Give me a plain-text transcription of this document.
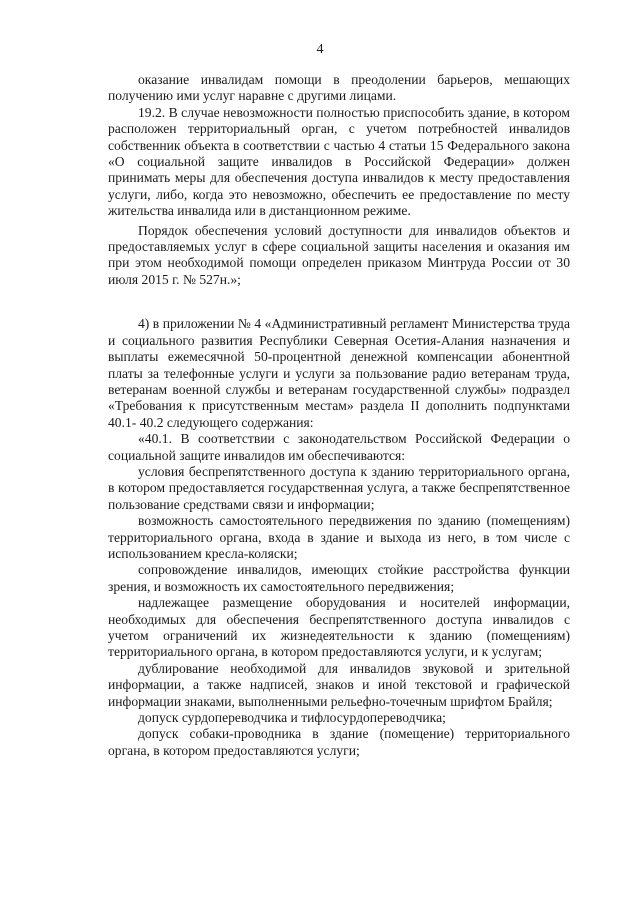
4

оказание инвалидам помощи в преодолении барьеров, мешающих получению ими услуг наравне с другими лицами.

19.2. В случае невозможности полностью приспособить здание, в котором расположен территориальный орган, с учетом потребностей инвалидов собственник объекта в соответствии с частью 4 статьи 15 Федерального закона «О социальной защите инвалидов в Российской Федерации» должен принимать меры для обеспечения доступа инвалидов к месту предоставления услуги, либо, когда это невозможно, обеспечить ее предоставление по месту жительства инвалида или в дистанционном режиме.

Порядок обеспечения условий доступности для инвалидов объектов и предоставляемых услуг в сфере социальной защиты населения и оказания им при этом необходимой помощи определен приказом Минтруда России от 30 июля 2015 г. № 527н.»;

4) в приложении № 4 «Административный регламент Министерства труда и социального развития Республики Северная Осетия-Алания назначения и выплаты ежемесячной 50-процентной денежной компенсации абонентной платы за телефонные услуги и услуги за пользование радио ветеранам труда, ветеранам военной службы и ветеранам государственной службы» подраздел «Требования к присутственным местам» раздела II дополнить подпунктами 40.1- 40.2 следующего содержания:

«40.1. В соответствии с законодательством Российской Федерации о социальной защите инвалидов им обеспечиваются:

условия беспрепятственного доступа к зданию территориального органа, в котором предоставляется государственная услуга, а также беспрепятственное пользование средствами связи и информации;

возможность самостоятельного передвижения по зданию (помещениям) территориального органа, входа в здание и выхода из него, в том числе с использованием кресла-коляски;

сопровождение инвалидов, имеющих стойкие расстройства функции зрения, и возможность их самостоятельного передвижения;

надлежащее размещение оборудования и носителей информации, необходимых для обеспечения беспрепятственного доступа инвалидов с учетом ограничений их жизнедеятельности к зданию (помещениям) территориального органа, в котором предоставляются услуги, и к услугам;

дублирование необходимой для инвалидов звуковой и зрительной информации, а также надписей, знаков и иной текстовой и графической информации знаками, выполненными рельефно-точечным шрифтом Брайля;

допуск сурдопереводчика и тифлосурдопереводчика;

допуск собаки-проводника в здание (помещение) территориального органа, в котором предоставляются услуги;
